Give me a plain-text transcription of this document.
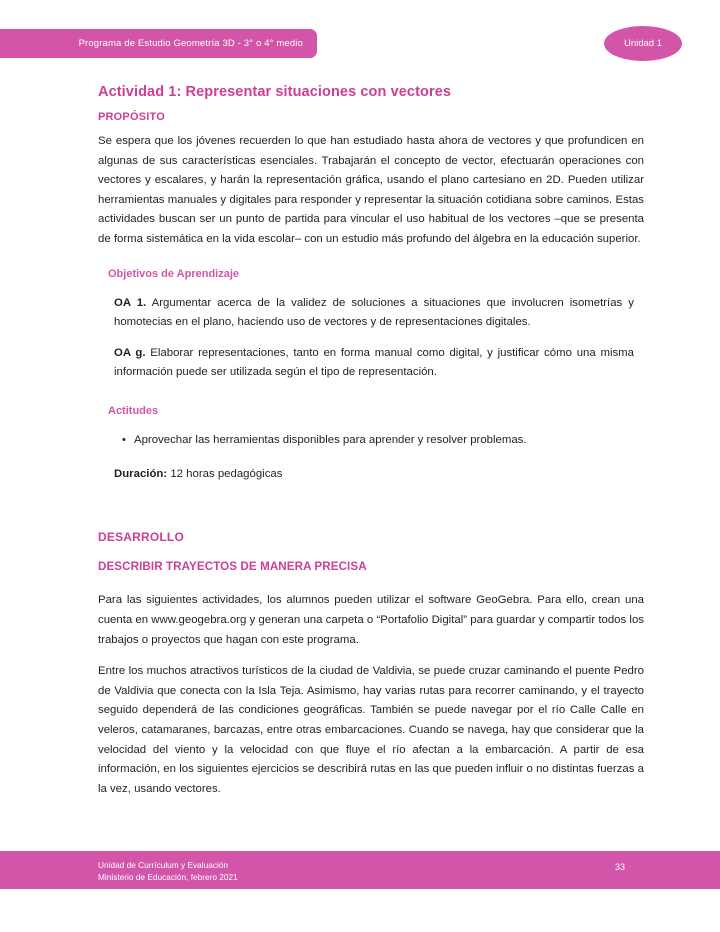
Programa de Estudio Geometría 3D - 3° o 4° medio	Unidad 1
Actividad 1: Representar situaciones con vectores
PROPÓSITO

Se espera que los jóvenes recuerden lo que han estudiado hasta ahora de vectores y que profundicen en algunas de sus características esenciales. Trabajarán el concepto de vector, efectuarán operaciones con vectores y escalares, y harán la representación gráfica, usando el plano cartesiano en 2D. Pueden utilizar herramientas manuales y digitales para responder y representar la situación cotidiana sobre caminos. Estas actividades buscan ser un punto de partida para vincular el uso habitual de los vectores –que se presenta de forma sistemática en la vida escolar– con un estudio más profundo del álgebra en la educación superior.

Objetivos de Aprendizaje

OA 1. Argumentar acerca de la validez de soluciones a situaciones que involucren isometrías y homotecias en el plano, haciendo uso de vectores y de representaciones digitales.

OA g. Elaborar representaciones, tanto en forma manual como digital, y justificar cómo una misma información puede ser utilizada según el tipo de representación.

Actitudes
• Aprovechar las herramientas disponibles para aprender y resolver problemas.

Duración: 12 horas pedagógicas

DESARROLLO
DESCRIBIR TRAYECTOS DE MANERA PRECISA

Para las siguientes actividades, los alumnos pueden utilizar el software GeoGebra. Para ello, crean una cuenta en www.geogebra.org y generan una carpeta o “Portafolio Digital” para guardar y compartir todos los trabajos o proyectos que hagan con este programa.

Entre los muchos atractivos turísticos de la ciudad de Valdivia, se puede cruzar caminando el puente Pedro de Valdivia que conecta con la Isla Teja. Asimismo, hay varias rutas para recorrer caminando, y el trayecto seguido dependerá de las condiciones geográficas. También se puede navegar por el río Calle Calle en veleros, catamaranes, barcazas, entre otras embarcaciones. Cuando se navega, hay que considerar que la velocidad del viento y la velocidad con que fluye el río afectan a la embarcación. A partir de esa información, en los siguientes ejercicios se describirá rutas en las que pueden influir o no distintas fuerzas a la vez, usando vectores.

Unidad de Currículum y Evaluación
Ministerio de Educación, febrero 2021
33
